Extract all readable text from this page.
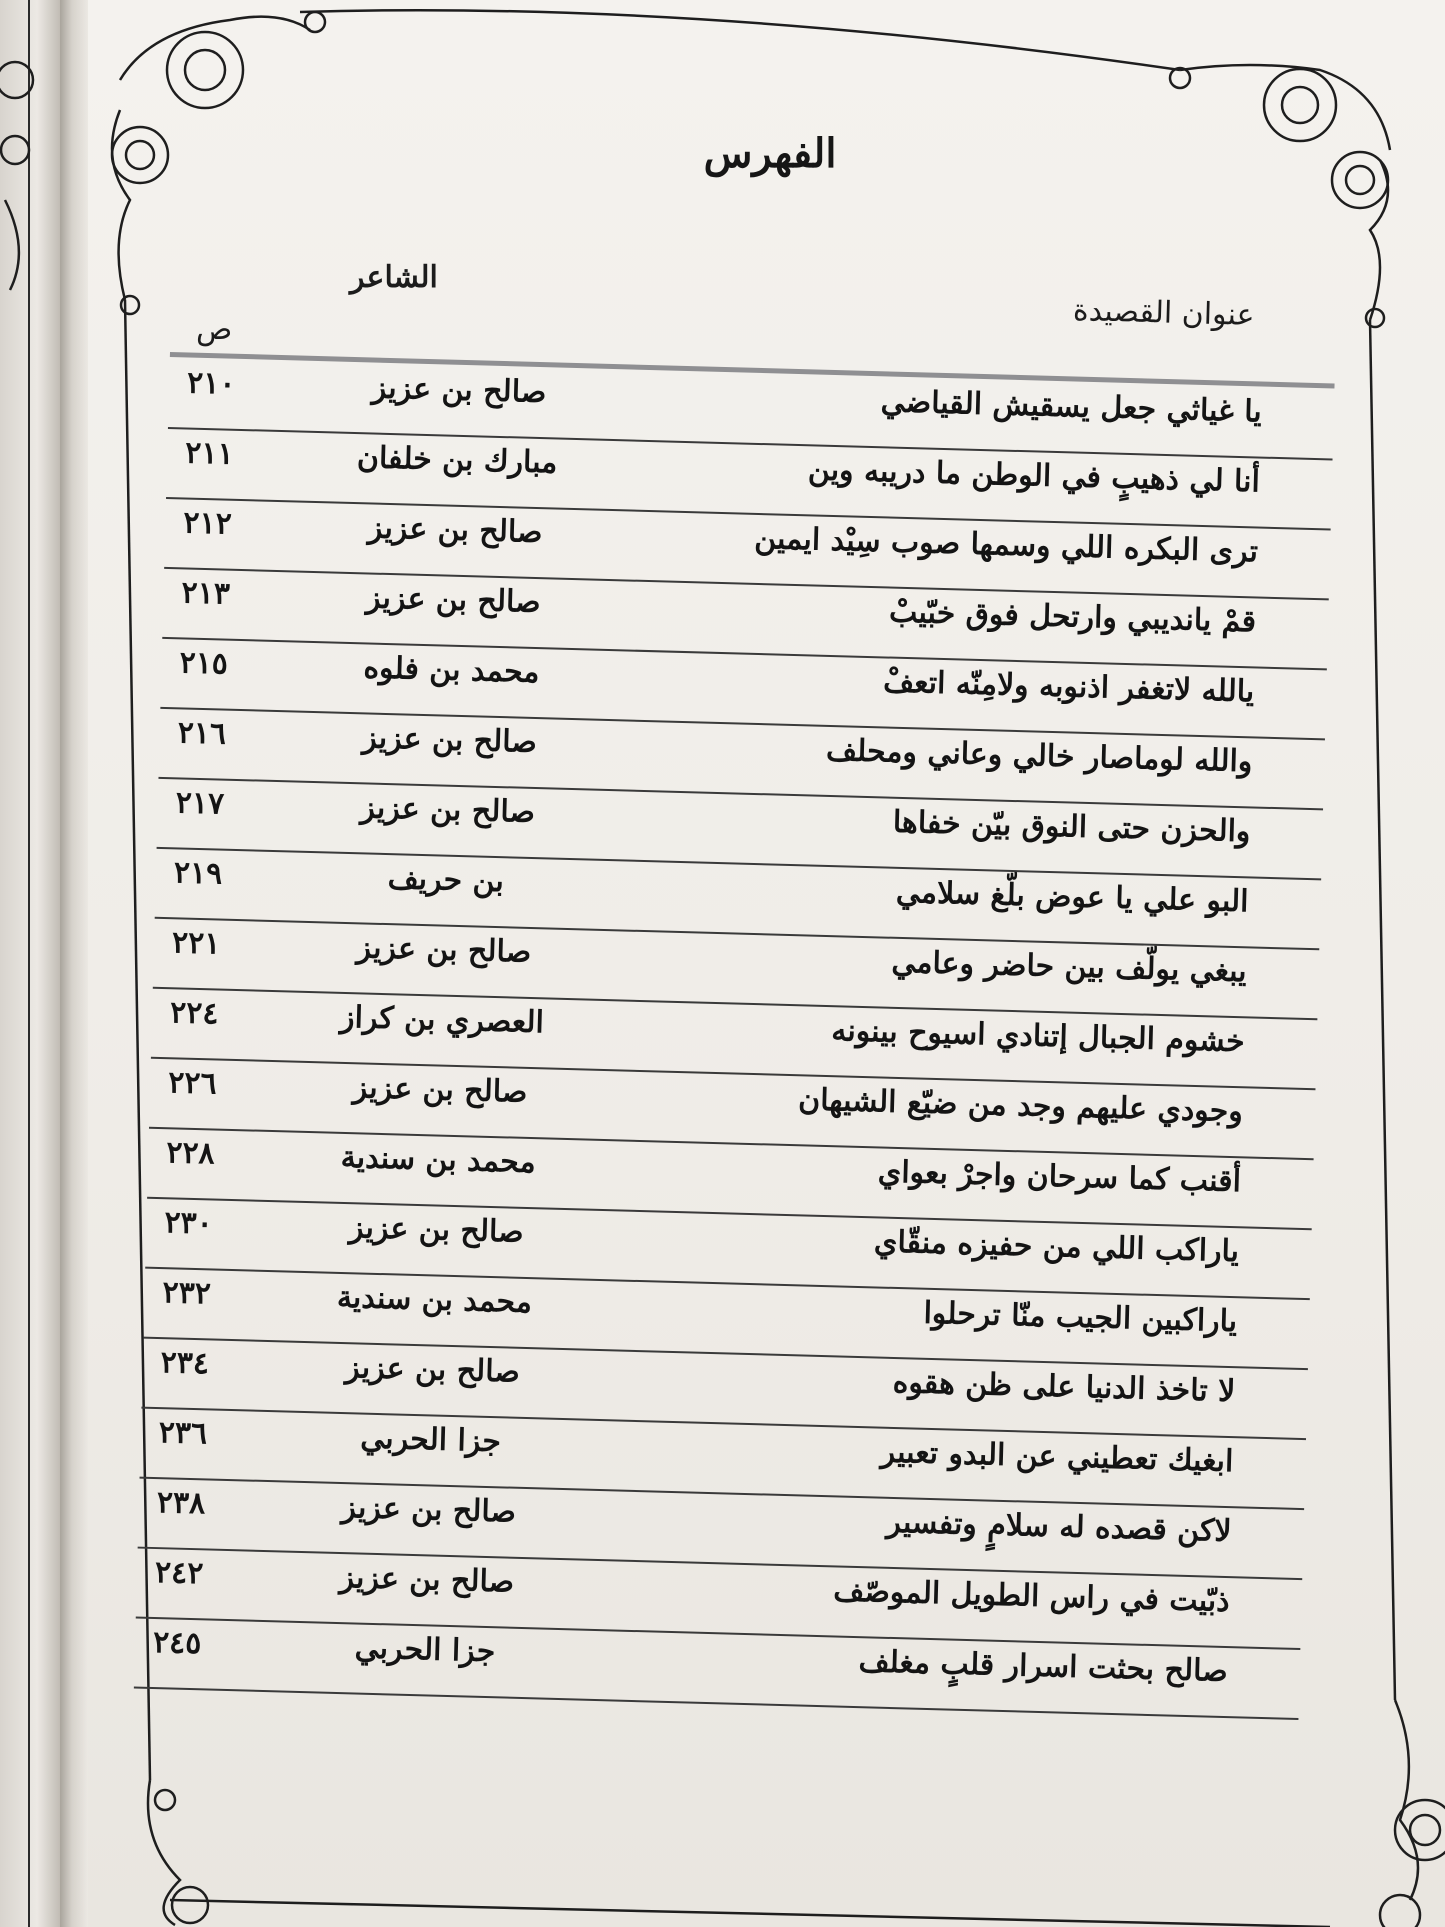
الفهرس
عنوان القصيدة
الشاعر
ص
يا غياثي جعل يسقيش القياضي
صالح بن عزيز
٢١٠
أنا لي ذهيبٍ في الوطن ما دريبه وين
مبارك بن خلفان
٢١١
ترى البكره اللي وسمها صوب سِيْد ايمين
صالح بن عزيز
٢١٢
قمْ يانديبي وارتحل فوق خبّيبْ
صالح بن عزيز
٢١٣
يالله لاتغفر اذنوبه ولامِنّه اتعفْ
محمد بن فلوه
٢١٥
والله لوماصار خالي وعاني ومحلف
صالح بن عزيز
٢١٦
والحزن حتى النوق بيّن خفاها
صالح بن عزيز
٢١٧
البو علي يا عوض بلّغ سلامي
بن حريف
٢١٩
يبغي يولّف بين حاضر وعامي
صالح بن عزيز
٢٢١
خشوم الجبال إتنادي اسيوح بينونه
العصري بن كراز
٢٢٤
وجودي عليهم وجد من ضيّع الشيهان
صالح بن عزيز
٢٢٦
أقنب كما سرحان واجرْ بعواي
محمد بن سندية
٢٢٨
ياراكب اللي من حفيزه منقّاي
صالح بن عزيز
٢٣٠
ياراكبين الجيب منّا ترحلوا
محمد بن سندية
٢٣٢
لا تاخذ الدنيا على ظن هقوه
صالح بن عزيز
٢٣٤
ابغيك تعطيني عن البدو تعبير
جزا الحربي
٢٣٦
لاكن قصده له سلامٍ وتفسير
صالح بن عزيز
٢٣٨
ذبّيت في راس الطويل الموصّف
صالح بن عزيز
٢٤٢
صالح بحثت اسرار قلبٍ مغلف
جزا الحربي
٢٤٥
